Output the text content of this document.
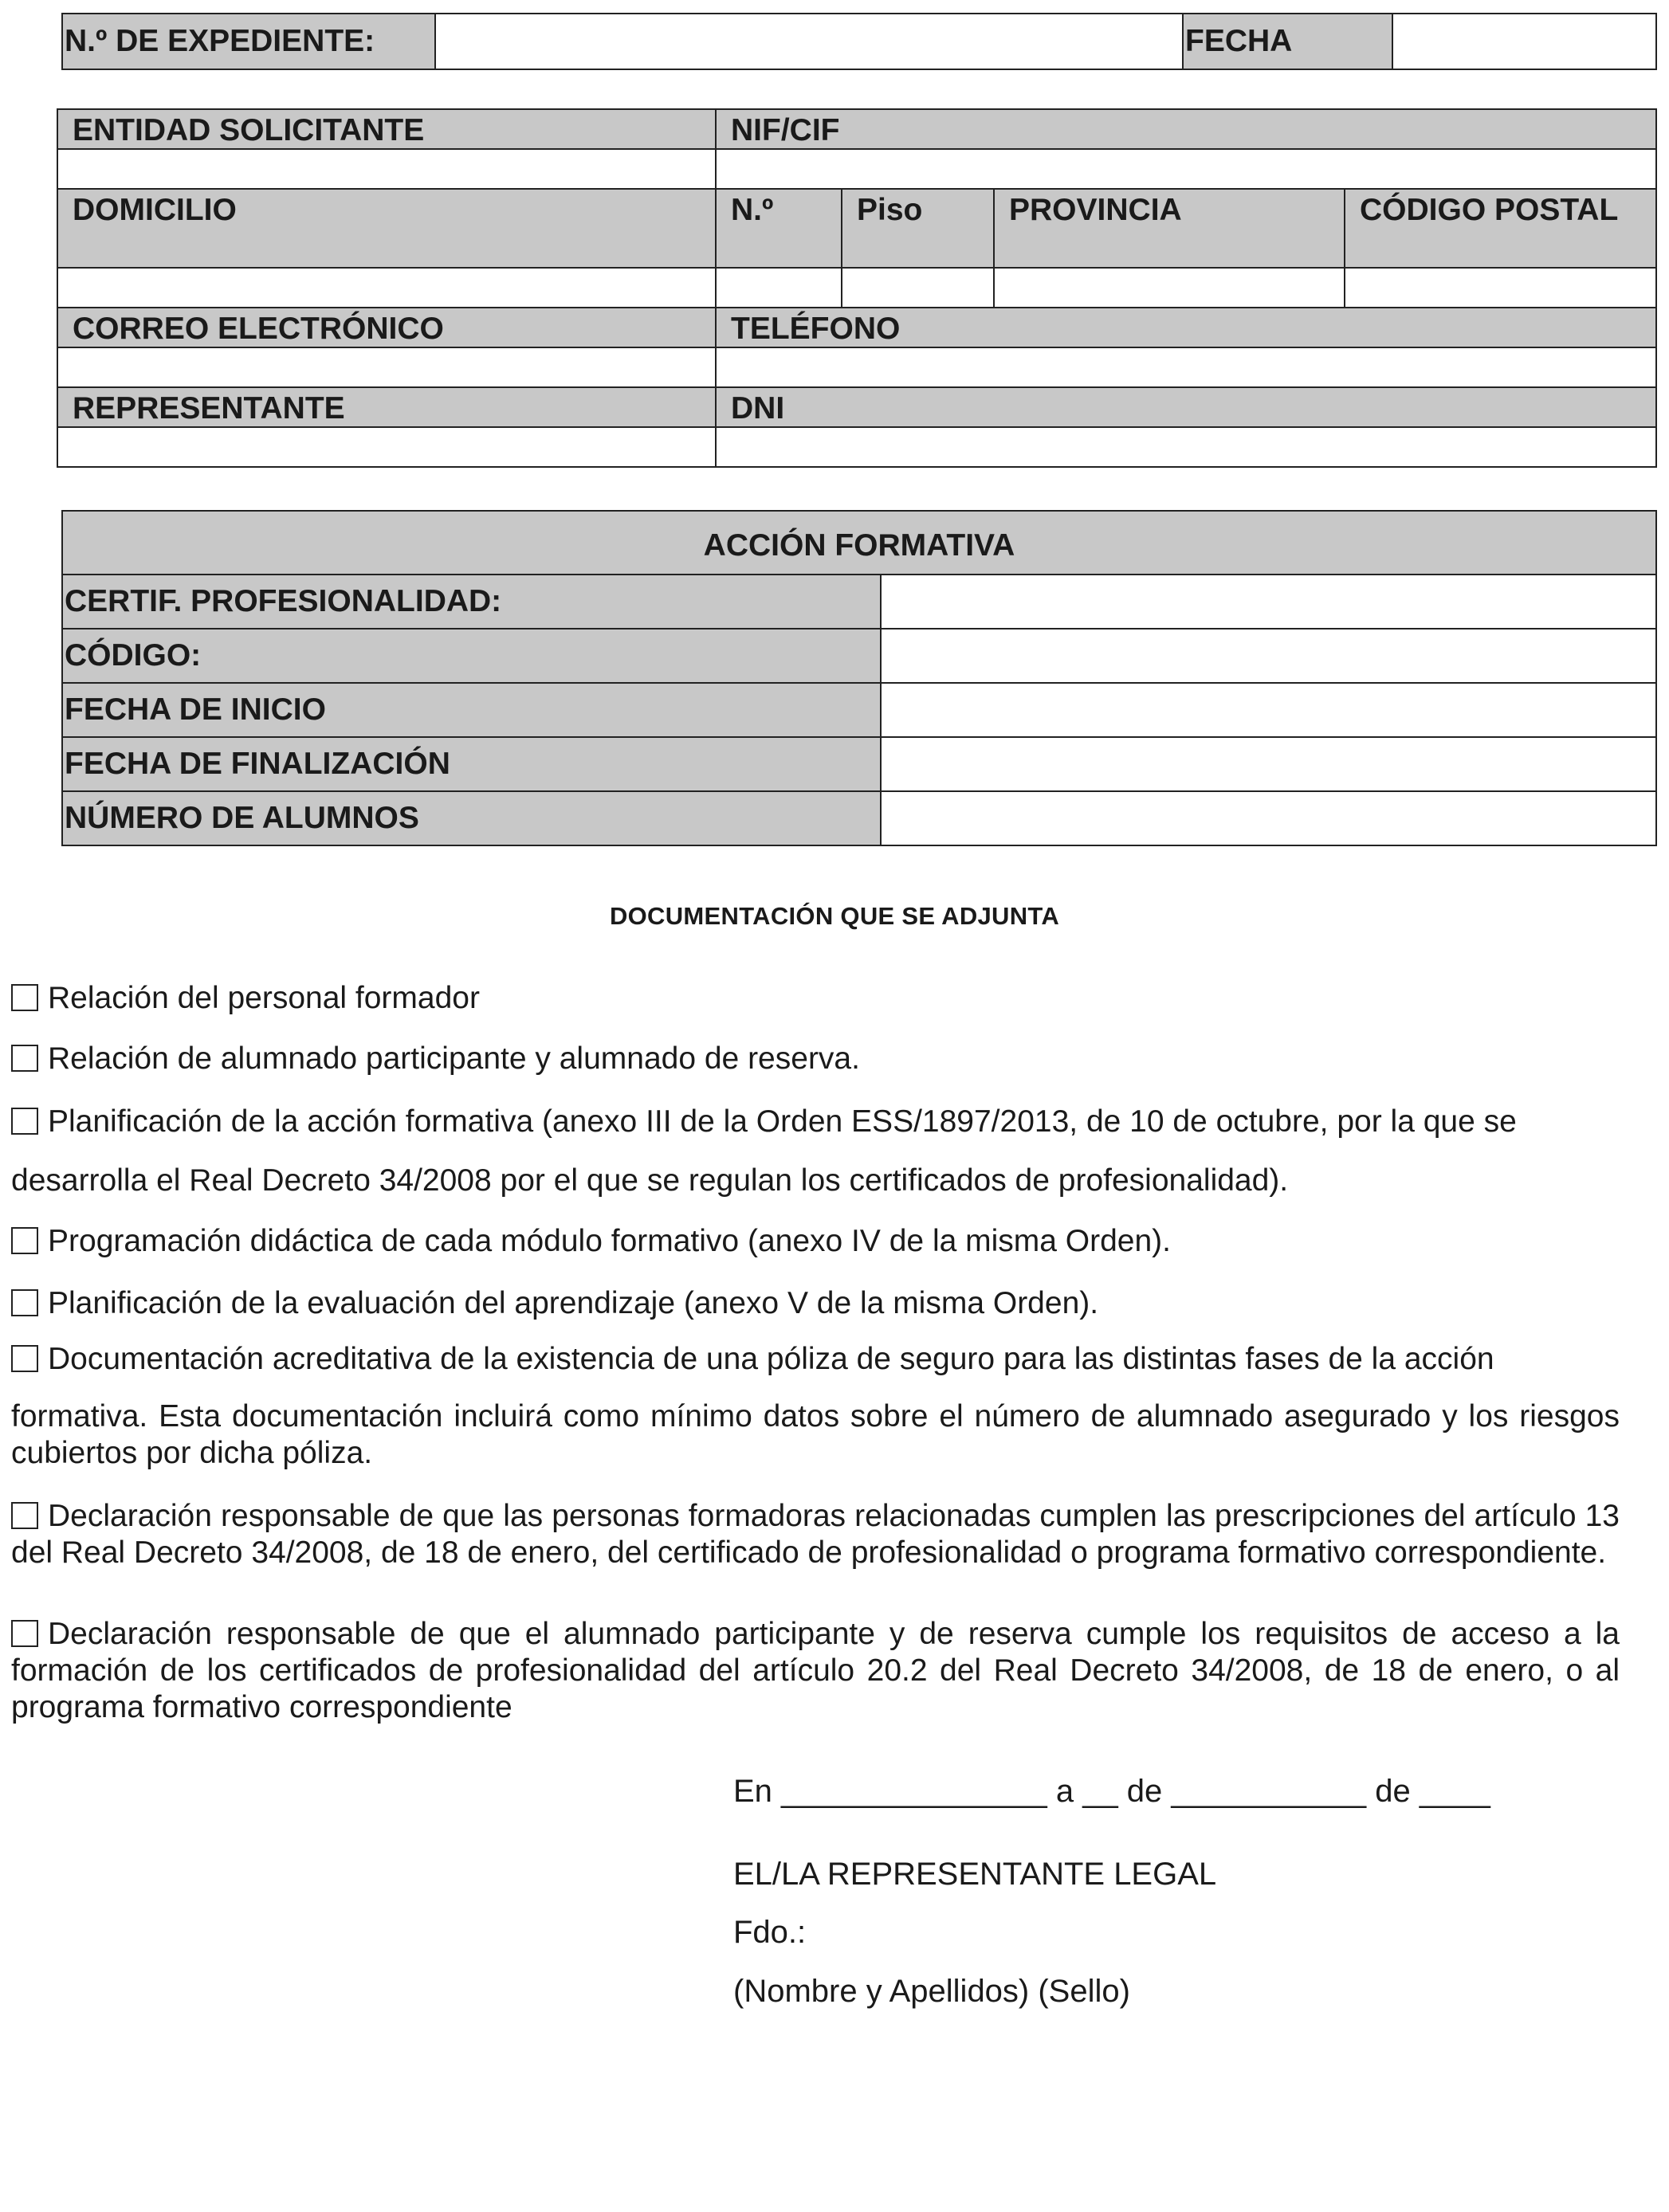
N.º DE EXPEDIENTE:		FECHA	
ENTIDAD SOLICITANTE	NIF/CIF			

DOMICILIO	N.º	Piso	PROVINCIA	CÓDIGO POSTAL

CORREO ELECTRÓNICO	TELÉFONO			

REPRESENTANTE	DNI			

ACCIÓN FORMATIVA	
CERTIF. PROFESIONALIDAD:	
CÓDIGO:	
FECHA DE INICIO	
FECHA DE FINALIZACIÓN	
NÚMERO DE ALUMNOS	
DOCUMENTACIÓN QUE SE ADJUNTA
Relación del personal formador
Relación de alumnado participante y alumnado de reserva.
Planificación de la acción formativa (anexo III de la Orden ESS/1897/2013, de 10 de octubre, por la que se
desarrolla el Real Decreto 34/2008 por el que se regulan los certificados de profesionalidad).
Programación didáctica de cada módulo formativo (anexo IV de la misma Orden).
Planificación de la evaluación del aprendizaje (anexo V de la misma Orden).
Documentación acreditativa de la existencia de una póliza de seguro para las distintas fases de la acción
formativa. Esta documentación incluirá como mínimo datos sobre el número de alumnado asegurado y los riesgos cubiertos por dicha póliza.
Declaración responsable de que las personas formadoras relacionadas cumplen las prescripciones del artículo 13 del Real Decreto 34/2008, de 18 de enero, del certificado de profesionalidad o programa formativo correspondiente.
Declaración responsable de que el alumnado participante y de reserva cumple los requisitos de acceso a la formación de los certificados de profesionalidad del artículo 20.2 del Real Decreto 34/2008, de 18 de enero, o al programa formativo correspondiente
En _______________ a __ de ___________ de ____
EL/LA REPRESENTANTE LEGAL
Fdo.:
(Nombre y Apellidos) (Sello)
